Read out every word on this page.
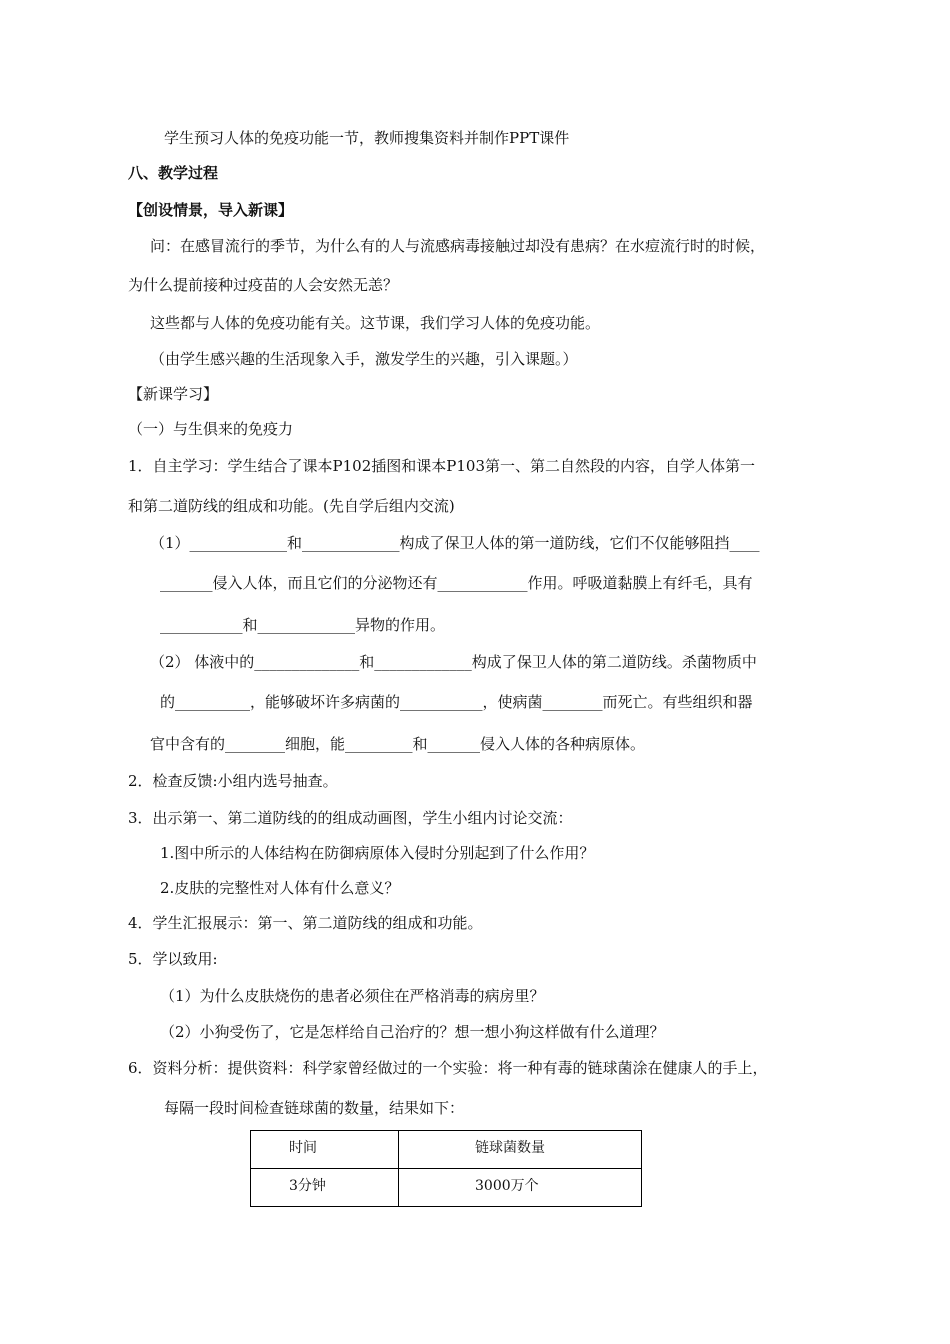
学生预习人体的免疫功能一节，教师搜集资料并制作PPT课件
八、教学过程
【创设情景，导入新课】
问：在感冒流行的季节，为什么有的人与流感病毒接触过却没有患病？在水痘流行时的时候，
为什么提前接种过疫苗的人会安然无恙？
这些都与人体的免疫功能有关。这节课，我们学习人体的免疫功能。
（由学生感兴趣的生活现象入手，激发学生的兴趣，引入课题。）
【新课学习】
（一）与生俱来的免疫力
1．自主学习：学生结合了课本P102插图和课本P103第一、第二自然段的内容，自学人体第一
和第二道防线的组成和功能。(先自学后组内交流)
（1）_____________和_____________构成了保卫人体的第一道防线，它们不仅能够阻挡____
_______侵入人体，而且它们的分泌物还有____________作用。呼吸道黏膜上有纤毛，具有
___________和_____________异物的作用。
（2） 体液中的______________和_____________构成了保卫人体的第二道防线。杀菌物质中
的__________，能够破坏许多病菌的___________，使病菌________而死亡。有些组织和器
官中含有的________细胞，能_________和_______侵入人体的各种病原体。
2．检查反馈:小组内选号抽查。
3．出示第一、第二道防线的的组成动画图，学生小组内讨论交流：
1.图中所示的人体结构在防御病原体入侵时分别起到了什么作用？
2.皮肤的完整性对人体有什么意义？
4．学生汇报展示：第一、第二道防线的组成和功能。
5．学以致用:
（1）为什么皮肤烧伤的患者必须住在严格消毒的病房里？
（2）小狗受伤了，它是怎样给自己治疗的？想一想小狗这样做有什么道理？
6．资料分析：提供资料：科学家曾经做过的一个实验：将一种有毒的链球菌涂在健康人的手上，
每隔一段时间检查链球菌的数量，结果如下：
时间	链球菌数量

3分钟	3000万个
